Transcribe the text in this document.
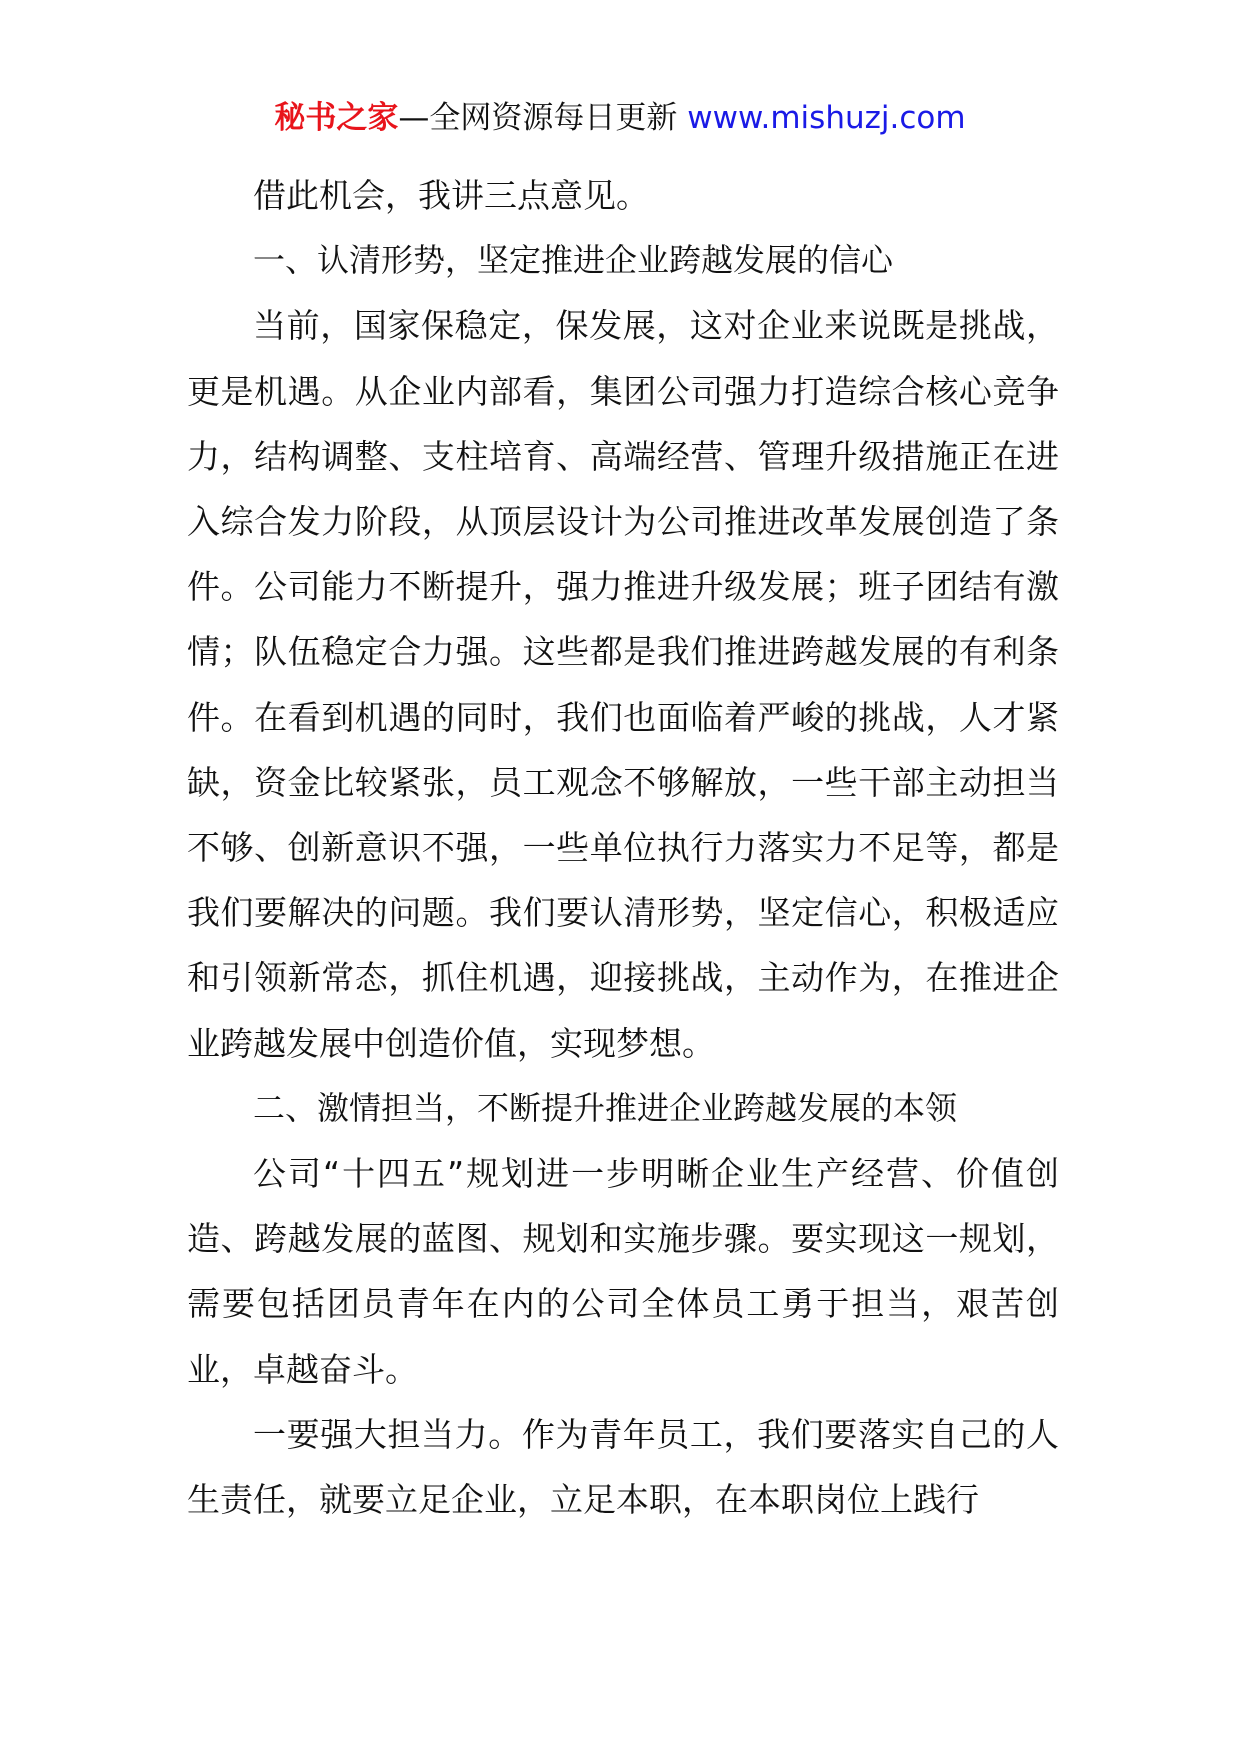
秘书之家—全网资源每日更新 www.mishuzj.com

借此机会，我讲三点意见。

一、认清形势，坚定推进企业跨越发展的信心

当前，国家保稳定，保发展，这对企业来说既是挑战，更是机遇。从企业内部看，集团公司强力打造综合核心竞争力，结构调整、支柱培育、高端经营、管理升级措施正在进入综合发力阶段，从顶层设计为公司推进改革发展创造了条件。公司能力不断提升，强力推进升级发展；班子团结有激情；队伍稳定合力强。这些都是我们推进跨越发展的有利条件。在看到机遇的同时，我们也面临着严峻的挑战，人才紧缺，资金比较紧张，员工观念不够解放，一些干部主动担当不够、创新意识不强，一些单位执行力落实力不足等，都是我们要解决的问题。我们要认清形势，坚定信心，积极适应和引领新常态，抓住机遇，迎接挑战，主动作为，在推进企业跨越发展中创造价值，实现梦想。

二、激情担当，不断提升推进企业跨越发展的本领

公司“十四五”规划进一步明晰企业生产经营、价值创造、跨越发展的蓝图、规划和实施步骤。要实现这一规划，需要包括团员青年在内的公司全体员工勇于担当，艰苦创业，卓越奋斗。

一要强大担当力。作为青年员工，我们要落实自己的人生责任，就要立足企业，立足本职，在本职岗位上践行
